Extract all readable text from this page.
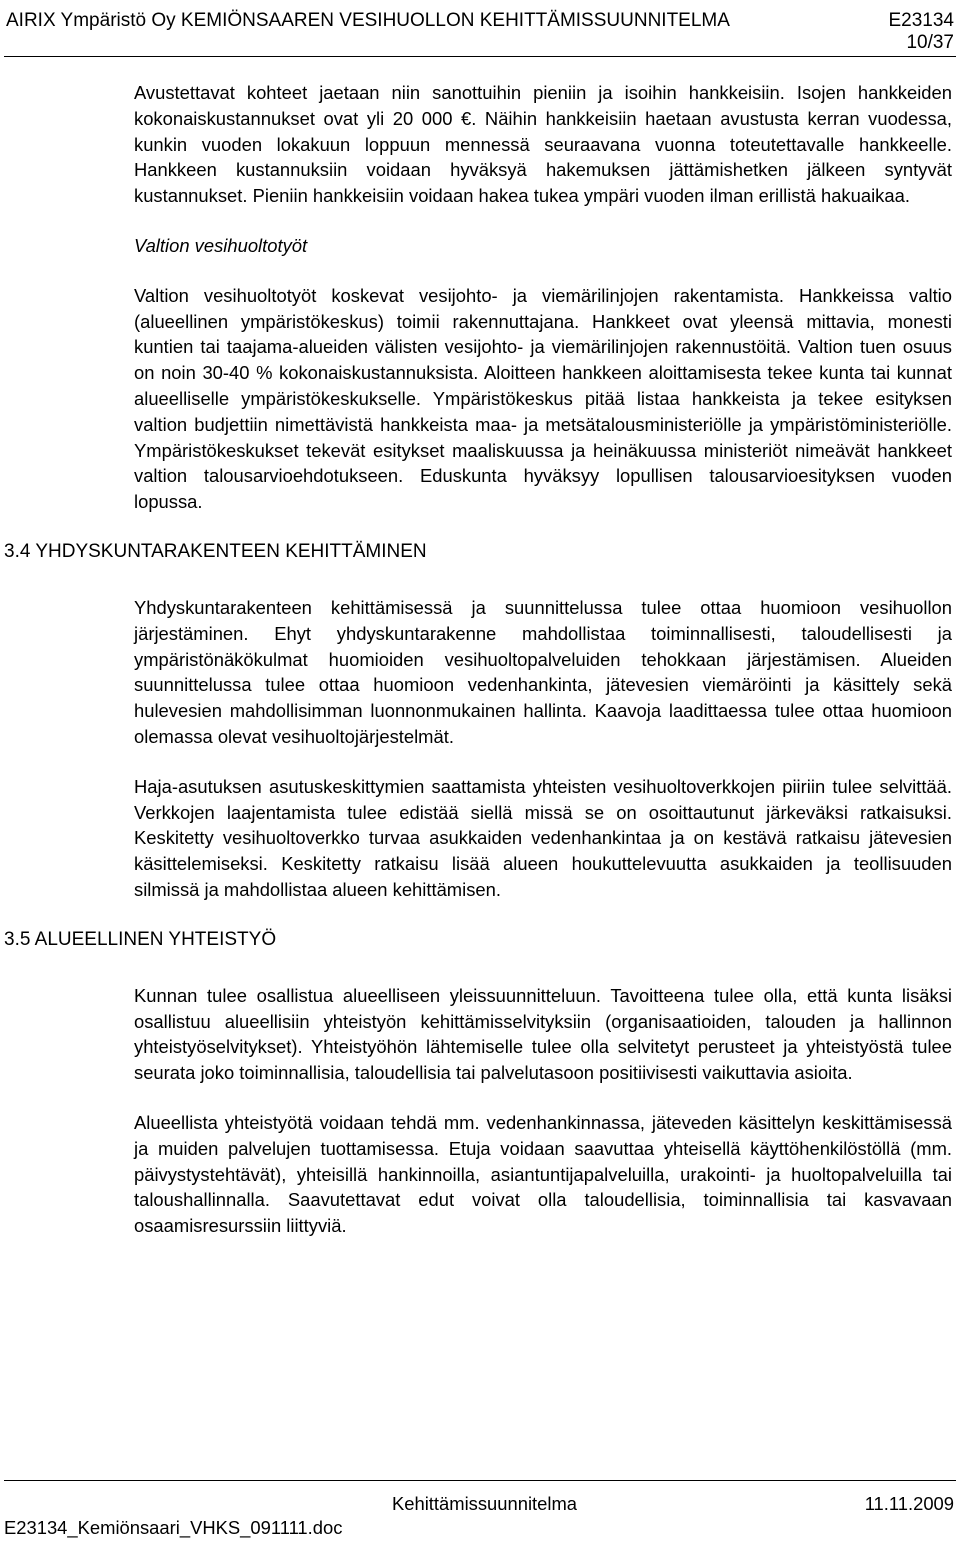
AIRIX Ympäristö Oy KEMIÖNSAAREN VESIHUOLLON KEHITTÄMISSUUNNITELMA	E23134
10/37

Avustettavat kohteet jaetaan niin sanottuihin pieniin ja isoihin hankkeisiin. Isojen hankkeiden kokonaiskustannukset ovat yli 20 000 €. Näihin hankkeisiin haetaan avustusta kerran vuodessa, kunkin vuoden lokakuun loppuun mennessä seuraavana vuonna toteutettavalle hankkeelle. Hankkeen kustannuksiin voidaan hyväksyä hakemuksen jättämishetken jälkeen syntyvät kustannukset. Pieniin hankkeisiin voidaan hakea tukea ympäri vuoden ilman erillistä hakuaikaa.

Valtion vesihuoltotyöt

Valtion vesihuoltotyöt koskevat vesijohto- ja viemärilinjojen rakentamista. Hankkeissa valtio (alueellinen ympäristökeskus) toimii rakennuttajana. Hankkeet ovat yleensä mittavia, monesti kuntien tai taajama-alueiden välisten vesijohto- ja viemärilinjojen rakennustöitä. Valtion tuen osuus on noin 30-40 % kokonaiskustannuksista. Aloitteen hankkeen aloittamisesta tekee kunta tai kunnat alueelliselle ympäristökeskukselle. Ympäristökeskus pitää listaa hankkeista ja tekee esityksen valtion budjettiin nimettävistä hankkeista maa- ja metsätalousministeriölle ja ympäristöministeriölle. Ympäristökeskukset tekevät esitykset maaliskuussa ja heinäkuussa ministeriöt nimeävät hankkeet valtion talousarvioehdotukseen. Eduskunta hyväksyy lopullisen talousarvioesityksen vuoden lopussa.

3.4 YHDYSKUNTARAKENTEEN KEHITTÄMINEN

Yhdyskuntarakenteen kehittämisessä ja suunnittelussa tulee ottaa huomioon vesihuollon järjestäminen. Ehyt yhdyskuntarakenne mahdollistaa toiminnallisesti, taloudellisesti ja ympäristönäkökulmat huomioiden vesihuoltopalveluiden tehokkaan järjestämisen. Alueiden suunnittelussa tulee ottaa huomioon vedenhankinta, jätevesien viemäröinti ja käsittely sekä hulevesien mahdollisimman luonnonmukainen hallinta. Kaavoja laadittaessa tulee ottaa huomioon olemassa olevat vesihuoltojärjestelmät.

Haja-asutuksen asutuskeskittymien saattamista yhteisten vesihuoltoverkkojen piiriin tulee selvittää. Verkkojen laajentamista tulee edistää siellä missä se on osoittautunut järkeväksi ratkaisuksi. Keskitetty vesihuoltoverkko turvaa asukkaiden vedenhankintaa ja on kestävä ratkaisu jätevesien käsittelemiseksi. Keskitetty ratkaisu lisää alueen houkuttelevuutta asukkaiden ja teollisuuden silmissä ja mahdollistaa alueen kehittämisen.

3.5 ALUEELLINEN YHTEISTYÖ

Kunnan tulee osallistua alueelliseen yleissuunnitteluun. Tavoitteena tulee olla, että kunta lisäksi osallistuu alueellisiin yhteistyön kehittämisselvityksiin (organisaatioiden, talouden ja hallinnon yhteistyöselvitykset). Yhteistyöhön lähtemiselle tulee olla selvitetyt perusteet ja yhteistyöstä tulee seurata joko toiminnallisia, taloudellisia tai palvelutasoon positiivisesti vaikuttavia asioita.

Alueellista yhteistyötä voidaan tehdä mm. vedenhankinnassa, jäteveden käsittelyn keskittämisessä ja muiden palvelujen tuottamisessa. Etuja voidaan saavuttaa yhteisellä käyttöhenkilöstöllä (mm. päivystystehtävät), yhteisillä hankinnoilla, asiantuntijapalveluilla, urakointi- ja huoltopalveluilla tai taloushallinnalla. Saavutettavat edut voivat olla taloudellisia, toiminnallisia tai kasvavaan osaamisresurssiin liittyviä.

Kehittämissuunnitelma	11.11.2009
E23134_Kemiönsaari_VHKS_091111.doc
